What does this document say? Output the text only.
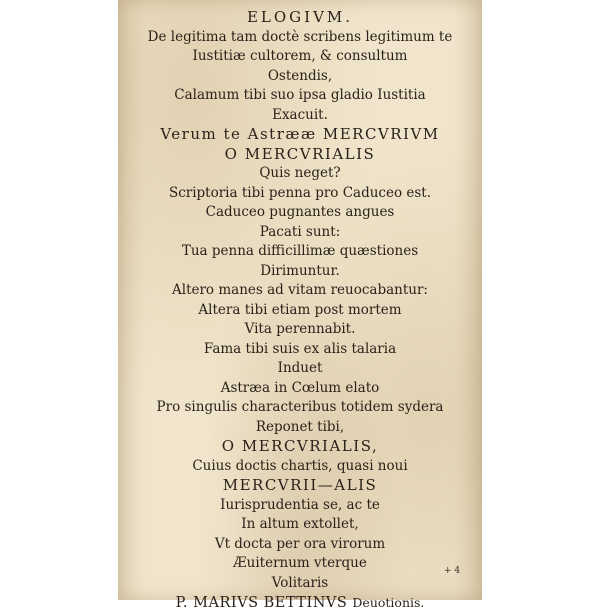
ELOGIVM.
De legitima tam doctè scribens legitimum te
Iustitiæ cultorem, & consultum
Ostendis,
Calamum tibi suo ipsa gladio Iustitia
Exacuit.
Verum te Astrææ MERCVRIVM
O MERCVRIALIS
Quis neget?
Scriptoria tibi penna pro Caduceo est.
Caduceo pugnantes angues
Pacati sunt:
Tua penna difficillimæ quæstiones
Dirimuntur.
Altero manes ad vitam reuocabantur:
Altera tibi etiam post mortem
Vita perennabit.
Fama tibi suis ex alis talaria
Induet
Astræa in Cœlum elato
Pro singulis characteribus totidem sydera
Reponet tibi,
O MERCVRIALIS,
Cuius doctis chartis, quasi noui
MERCVRII—ALIS
Iurisprudentia se, ac te
In altum extollet,
Vt docta per ora virorum
Æuiternum vterque
Volitaris
P. MARIVS BETTINVS Deuotionis.
+ 4
